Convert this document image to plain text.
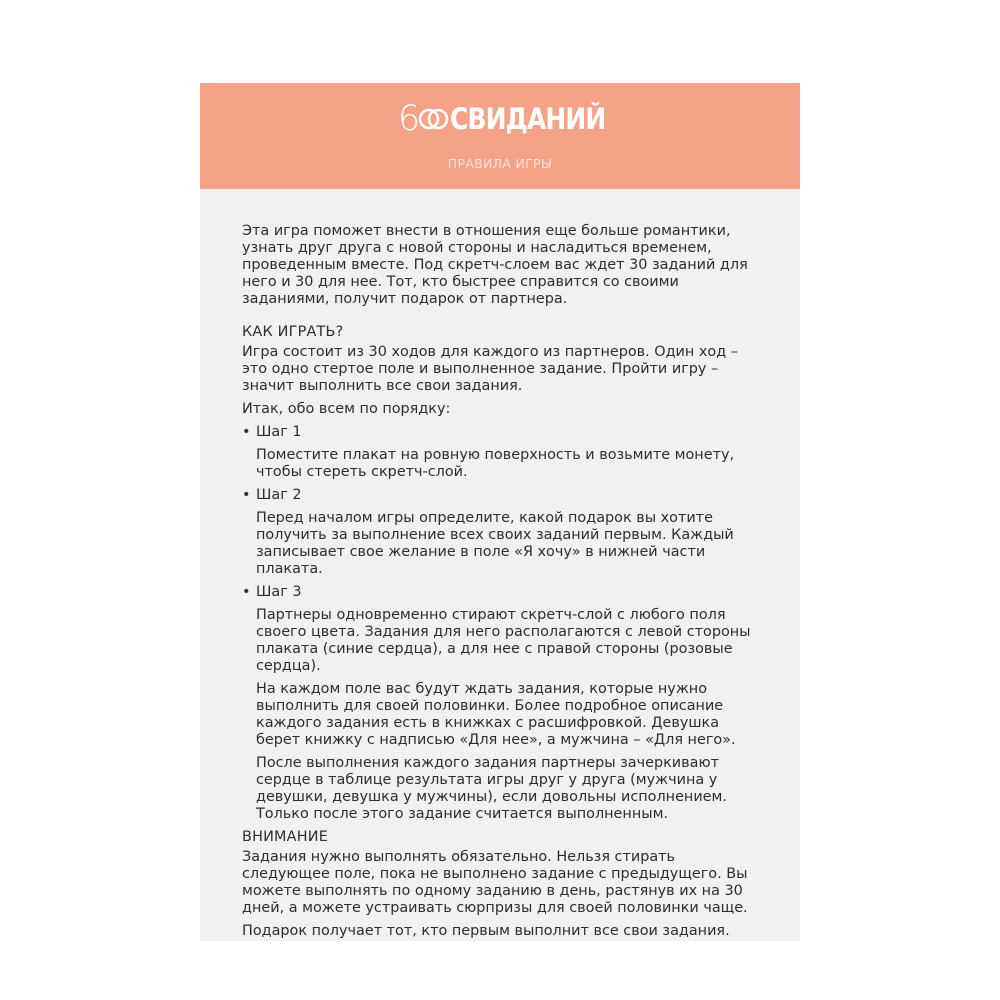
6 СВИДАНИЙ
ПРАВИЛА ИГРЫ

Эта игра поможет внести в отношения еще больше романтики, узнать друг друга с новой стороны и насладиться временем, проведенным вместе. Под скретч-слоем вас ждет 30 заданий для него и 30 для нее. Тот, кто быстрее справится со своими заданиями, получит подарок от партнера.

КАК ИГРАТЬ?

Игра состоит из 30 ходов для каждого из партнеров. Один ход – это одно стертое поле и выполненное задание. Пройти игру – значит выполнить все свои задания.

Итак, обо всем по порядку:

• Шаг 1

Поместите плакат на ровную поверхность и возьмите монету, чтобы стереть скретч-слой.

• Шаг 2

Перед началом игры определите, какой подарок вы хотите получить за выполнение всех своих заданий первым. Каждый записывает свое желание в поле «Я хочу» в нижней части плаката.

• Шаг 3

Партнеры одновременно стирают скретч-слой с любого поля своего цвета. Задания для него располагаются с левой стороны плаката (синие сердца), а для нее с правой стороны (розовые сердца).

На каждом поле вас будут ждать задания, которые нужно выполнить для своей половинки. Более подробное описание каждого задания есть в книжках с расшифровкой. Девушка берет книжку с надписью «Для нее», а мужчина – «Для него».

После выполнения каждого задания партнеры зачеркивают сердце в таблице результата игры друг у друга (мужчина у девушки, девушка у мужчины), если довольны исполнением. Только после этого задание считается выполненным.

ВНИМАНИЕ

Задания нужно выполнять обязательно. Нельзя стирать следующее поле, пока не выполнено задание с предыдущего. Вы можете выполнять по одному заданию в день, растянув их на 30 дней, а можете устраивать сюрпризы для своей половинки чаще.

Подарок получает тот, кто первым выполнит все свои задания.
